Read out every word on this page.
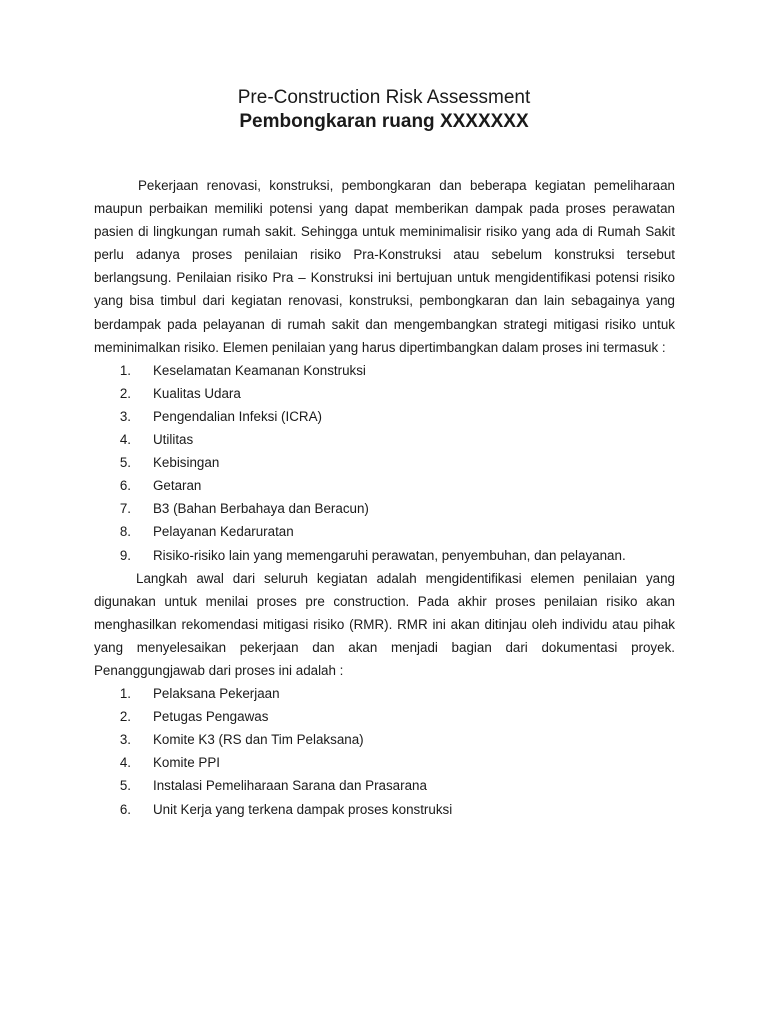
Pre-Construction Risk Assessment
Pembongkaran ruang XXXXXXX

Pekerjaan renovasi, konstruksi, pembongkaran dan beberapa kegiatan pemeliharaan maupun perbaikan memiliki potensi yang dapat memberikan dampak pada proses perawatan pasien di lingkungan rumah sakit. Sehingga untuk meminimalisir risiko yang ada di Rumah Sakit perlu adanya proses penilaian risiko Pra-Konstruksi atau sebelum konstruksi tersebut berlangsung. Penilaian risiko Pra – Konstruksi ini bertujuan untuk mengidentifikasi potensi risiko yang bisa timbul dari kegiatan renovasi, konstruksi, pembongkaran dan lain sebagainya yang berdampak pada pelayanan di rumah sakit dan mengembangkan strategi mitigasi risiko untuk meminimalkan risiko. Elemen penilaian yang harus dipertimbangkan dalam proses ini termasuk :

1.	Keselamatan Keamanan Konstruksi
2.	Kualitas Udara
3.	Pengendalian Infeksi (ICRA)
4.	Utilitas
5.	Kebisingan
6.	Getaran
7.	B3 (Bahan Berbahaya dan Beracun)
8.	Pelayanan Kedaruratan
9.	Risiko-risiko lain yang memengaruhi perawatan, penyembuhan, dan pelayanan.

Langkah awal dari seluruh kegiatan adalah mengidentifikasi elemen penilaian yang digunakan untuk menilai proses pre construction. Pada akhir proses penilaian risiko akan menghasilkan rekomendasi mitigasi risiko (RMR). RMR ini akan ditinjau oleh individu atau pihak yang menyelesaikan pekerjaan dan akan menjadi bagian dari dokumentasi proyek. Penanggungjawab dari proses ini adalah :

1.	Pelaksana Pekerjaan
2.	Petugas Pengawas
3.	Komite K3 (RS dan Tim Pelaksana)
4.	Komite PPI
5.	Instalasi Pemeliharaan Sarana dan Prasarana
6.	Unit Kerja yang terkena dampak proses konstruksi
